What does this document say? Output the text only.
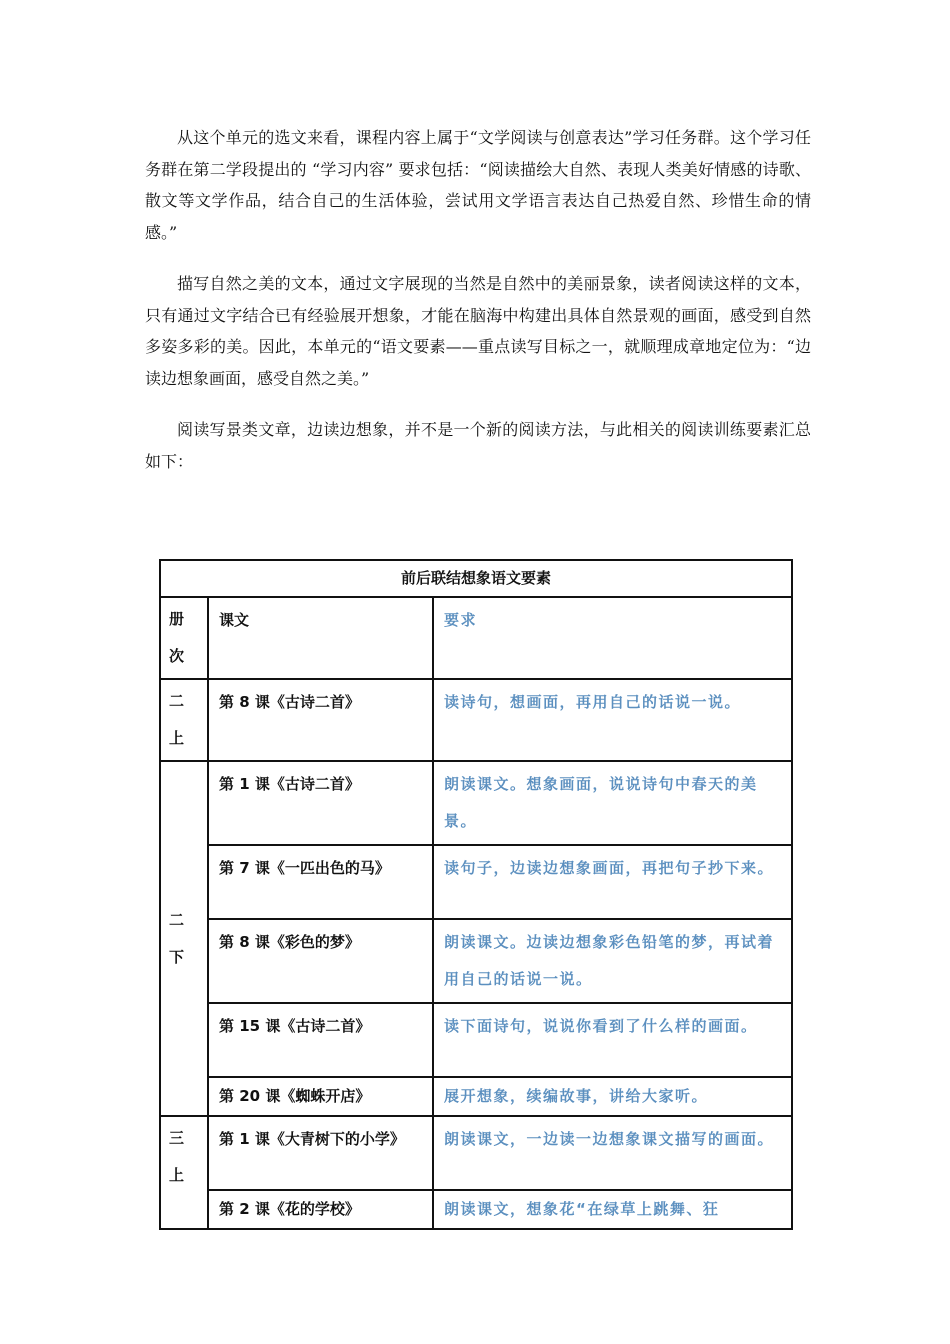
从这个单元的选文来看，课程内容上属于“文学阅读与创意表达”学习任务群。这个学习任务群在第二学段提出的 “学习内容” 要求包括：“阅读描绘大自然、表现人类美好情感的诗歌、散文等文学作品，结合自己的生活体验，尝试用文学语言表达自己热爱自然、珍惜生命的情感。”

描写自然之美的文本，通过文字展现的当然是自然中的美丽景象，读者阅读这样的文本，只有通过文字结合已有经验展开想象，才能在脑海中构建出具体自然景观的画面，感受到自然多姿多彩的美。因此，本单元的“语文要素——重点读写目标之一，就顺理成章地定位为：“边读边想象画面，感受自然之美。”

阅读写景类文章，边读边想象，并不是一个新的阅读方法，与此相关的阅读训练要素汇总如下：

前后联结想象语文要素		

册
次	课文	要求

二
上	第 8 课《古诗二首》	读诗句，想画面，再用自己的话说一说。

二
下	第 1 课《古诗二首》	朗读课文。想象画面，说说诗句中春天的美景。
	第 7 课《一匹出色的马》	读句子，边读边想象画面，再把句子抄下来。
	第 8 课《彩色的梦》	朗读课文。边读边想象彩色铅笔的梦，再试着用自己的话说一说。
	第 15 课《古诗二首》	读下面诗句，说说你看到了什么样的画面。
	第 20 课《蜘蛛开店》	展开想象，续编故事，讲给大家听。

三
上	第 1 课《大青树下的小学》	朗读课文，一边读一边想象课文描写的画面。
	第 2 课《花的学校》	朗读课文，想象花“在绿草上跳舞、狂
